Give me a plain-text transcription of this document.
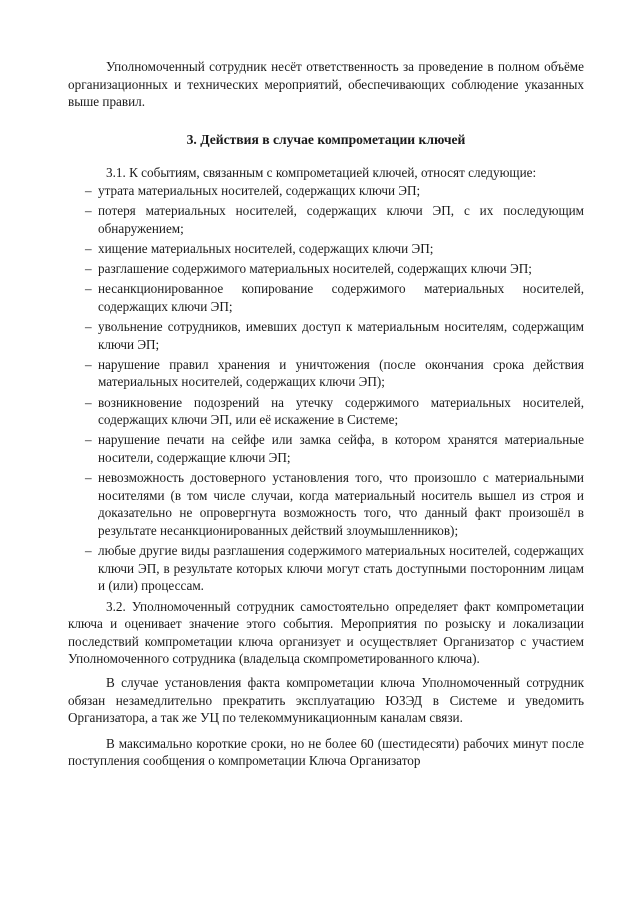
Уполномоченный сотрудник несёт ответственность за проведение в полном объёме организационных и технических мероприятий, обеспечивающих соблюдение указанных выше правил.

3. Действия в случае компрометации ключей

3.1. К событиям, связанным с компрометацией ключей, относят следующие:

– утрата материальных носителей, содержащих ключи ЭП;
– потеря материальных носителей, содержащих ключи ЭП, с их последующим обнаружением;
– хищение материальных носителей, содержащих ключи ЭП;
– разглашение содержимого материальных носителей, содержащих ключи ЭП;
– несанкционированное копирование содержимого материальных носителей, содержащих ключи ЭП;
– увольнение сотрудников, имевших доступ к материальным носителям, содержащим ключи ЭП;
– нарушение правил хранения и уничтожения (после окончания срока действия материальных носителей, содержащих ключи ЭП);
– возникновение подозрений на утечку содержимого материальных носителей, содержащих ключи ЭП, или её искажение в Системе;
– нарушение печати на сейфе или замка сейфа, в котором хранятся материальные носители, содержащие ключи ЭП;
– невозможность достоверного установления того, что произошло с материальными носителями (в том числе случаи, когда материальный носитель вышел из строя и доказательно не опровергнута возможность того, что данный факт произошёл в результате несанкционированных действий злоумышленников);
– любые другие виды разглашения содержимого материальных носителей, содержащих ключи ЭП, в результате которых ключи могут стать доступными посторонним лицам и (или) процессам.

3.2. Уполномоченный сотрудник самостоятельно определяет факт компрометации ключа и оценивает значение этого события. Мероприятия по розыску и локализации последствий компрометации ключа организует и осуществляет Организатор с участием Уполномоченного сотрудника (владельца скомпрометированного ключа).

В случае установления факта компрометации ключа Уполномоченный сотрудник обязан незамедлительно прекратить эксплуатацию ЮЗЭД в Системе и уведомить Организатора, а так же УЦ по телекоммуникационным каналам связи.

В максимально короткие сроки, но не более 60 (шестидесяти) рабочих минут после поступления сообщения о компрометации Ключа Организатор
